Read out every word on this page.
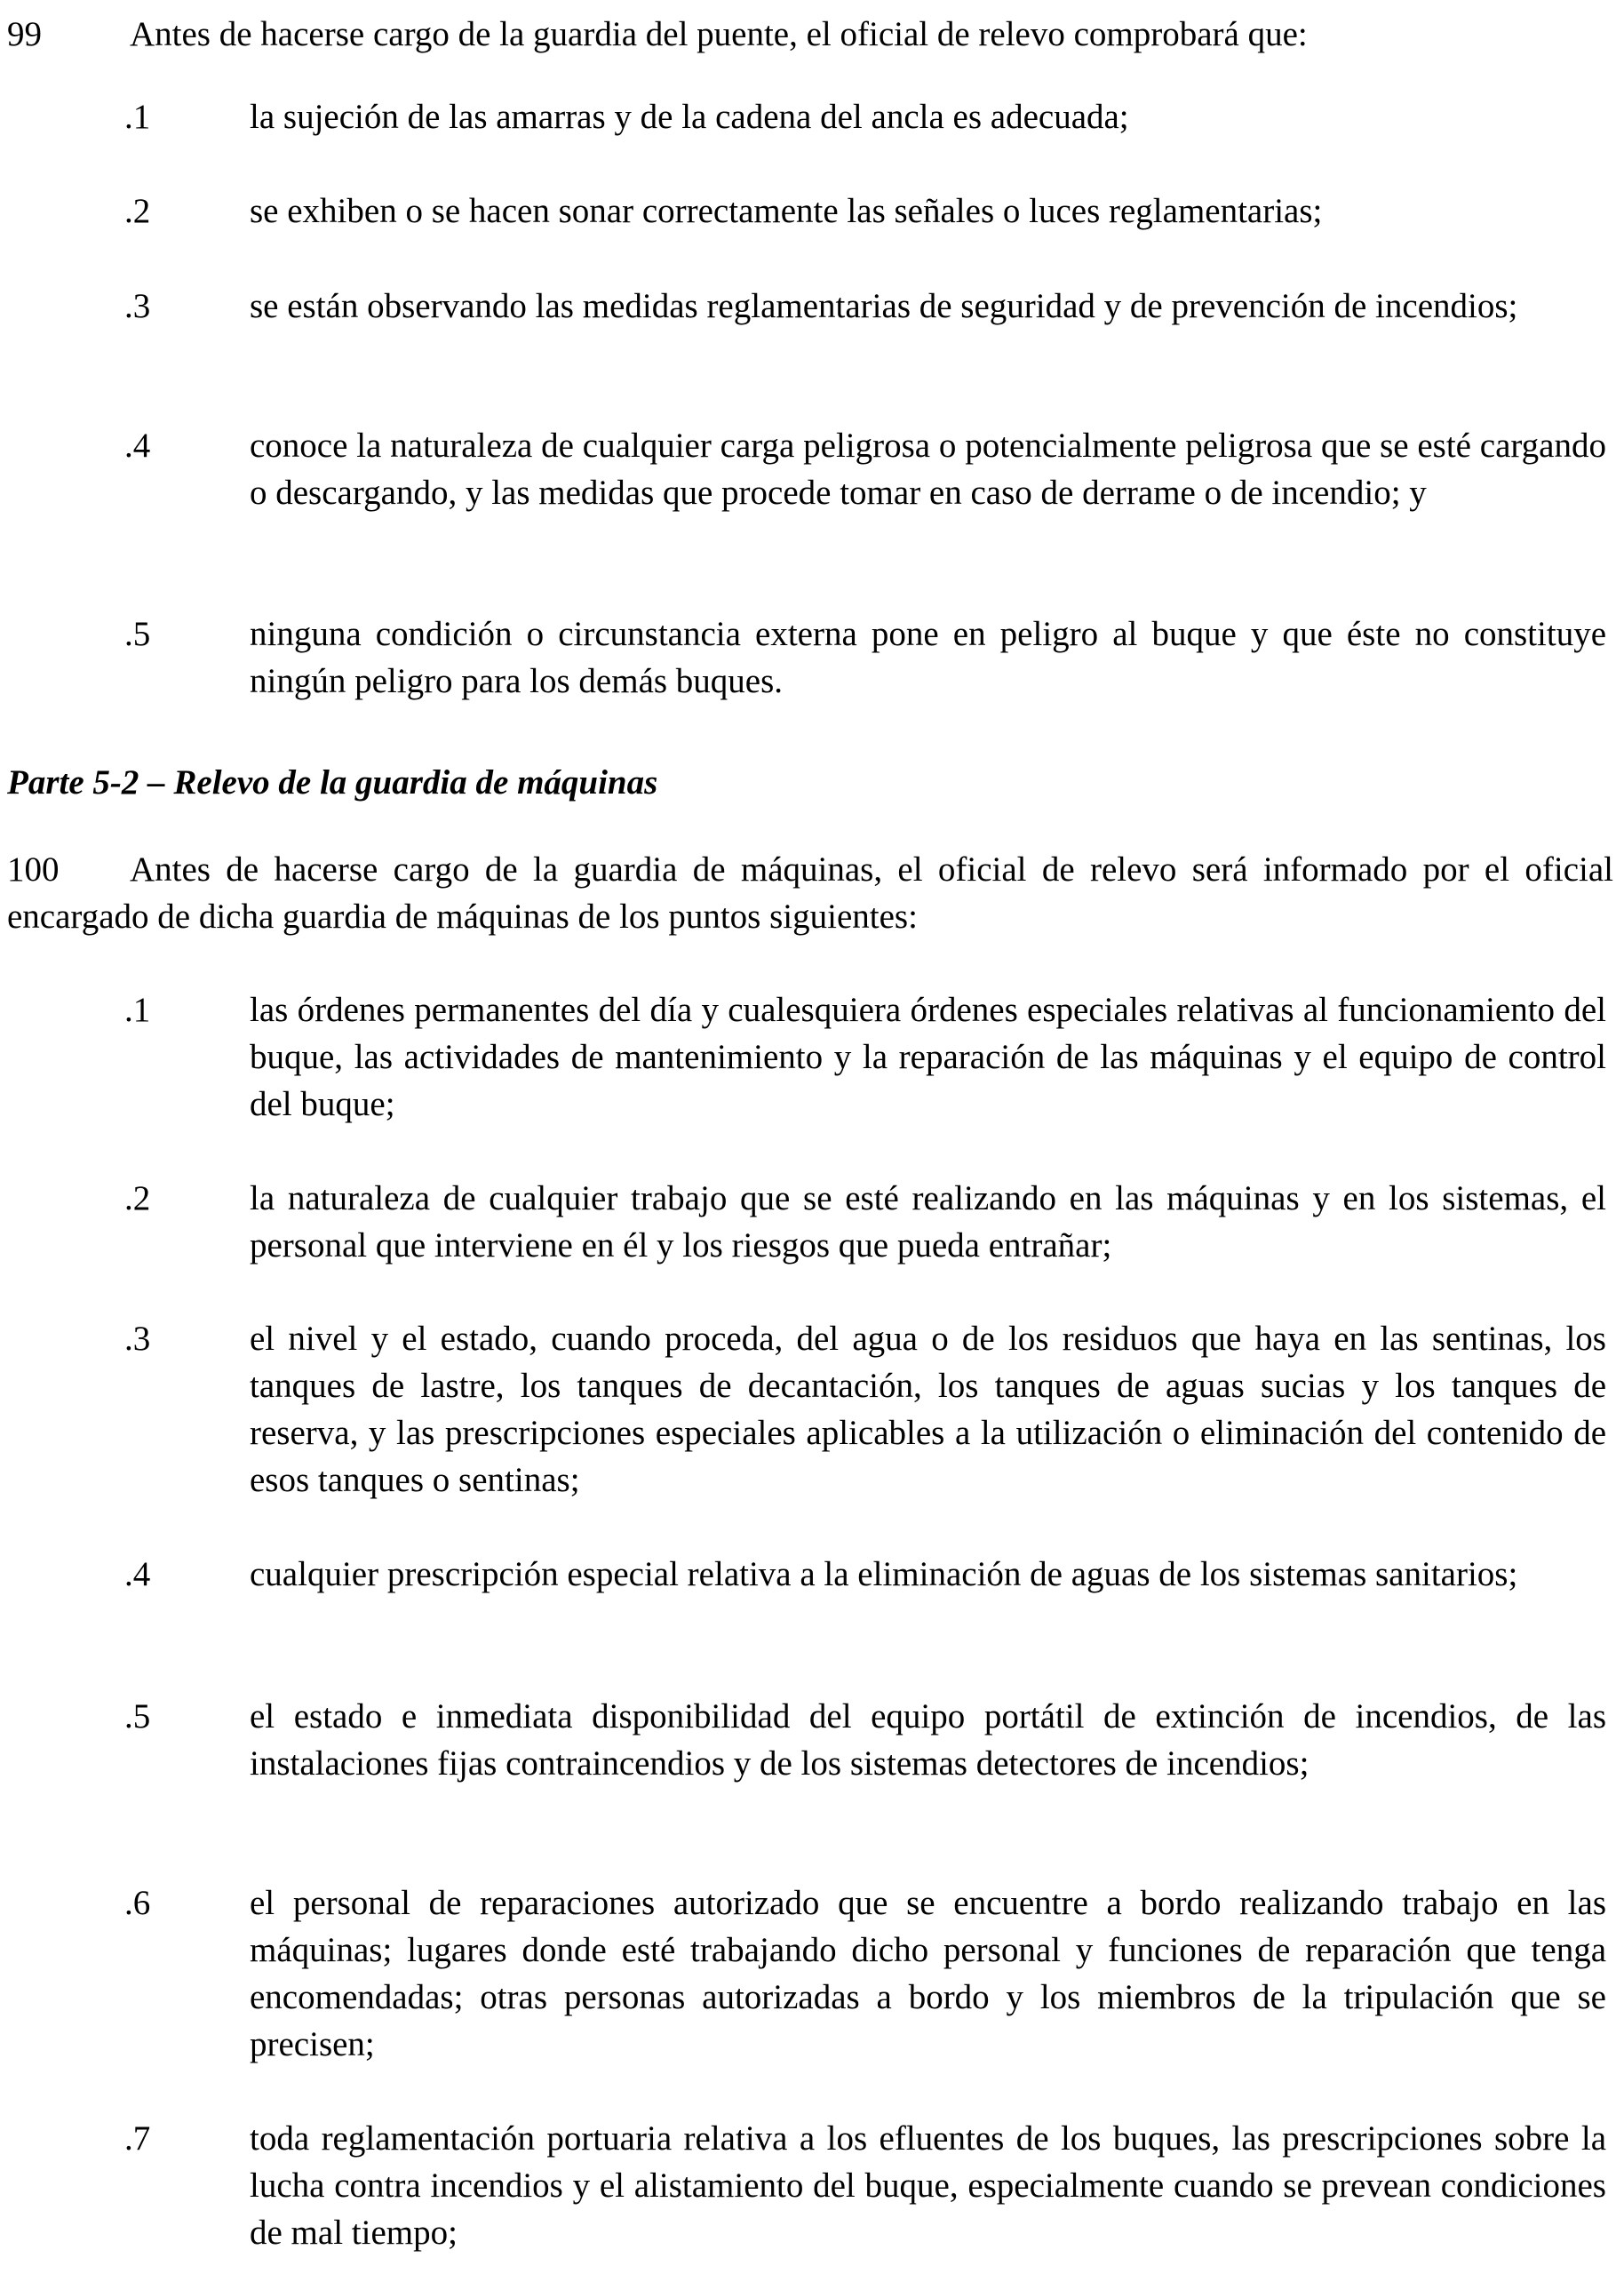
99	Antes de hacerse cargo de la guardia del puente, el oficial de relevo comprobará que:

.1	la sujeción de las amarras y de la cadena del ancla es adecuada;
.2	se exhiben o se hacen sonar correctamente las señales o luces reglamentarias;
.3	se están observando las medidas reglamentarias de seguridad y de prevención de incendios;
.4	conoce la naturaleza de cualquier carga peligrosa o potencialmente peligrosa que se esté cargando o descargando, y las medidas que procede tomar en caso de derrame o de incendio; y
.5	ninguna condición o circunstancia externa pone en peligro al buque y que éste no constituye ningún peligro para los demás buques.

Parte 5-2 – Relevo de la guardia de máquinas

100 Antes de hacerse cargo de la guardia de máquinas, el oficial de relevo será informado por el oficial encargado de dicha guardia de máquinas de los puntos siguientes:

.1	las órdenes permanentes del día y cualesquiera órdenes especiales relativas al funcionamiento del buque, las actividades de mantenimiento y la reparación de las máquinas y el equipo de control del buque;
.2	la naturaleza de cualquier trabajo que se esté realizando en las máquinas y en los sistemas, el personal que interviene en él y los riesgos que pueda entrañar;
.3	el nivel y el estado, cuando proceda, del agua o de los residuos que haya en las sentinas, los tanques de lastre, los tanques de decantación, los tanques de aguas sucias y los tanques de reserva, y las prescripciones especiales aplicables a la utilización o eliminación del contenido de esos tanques o sentinas;
.4	cualquier prescripción especial relativa a la eliminación de aguas de los sistemas sanitarios;
.5	el estado e inmediata disponibilidad del equipo portátil de extinción de incendios, de las instalaciones fijas contraincendios y de los sistemas detectores de incendios;
.6	el personal de reparaciones autorizado que se encuentre a bordo realizando trabajo en las máquinas; lugares donde esté trabajando dicho personal y funciones de reparación que tenga encomendadas; otras personas autorizadas a bordo y los miembros de la tripulación que se precisen;
.7	toda reglamentación portuaria relativa a los efluentes de los buques, las prescripciones sobre la lucha contra incendios y el alistamiento del buque, especialmente cuando se prevean condiciones de mal tiempo;
